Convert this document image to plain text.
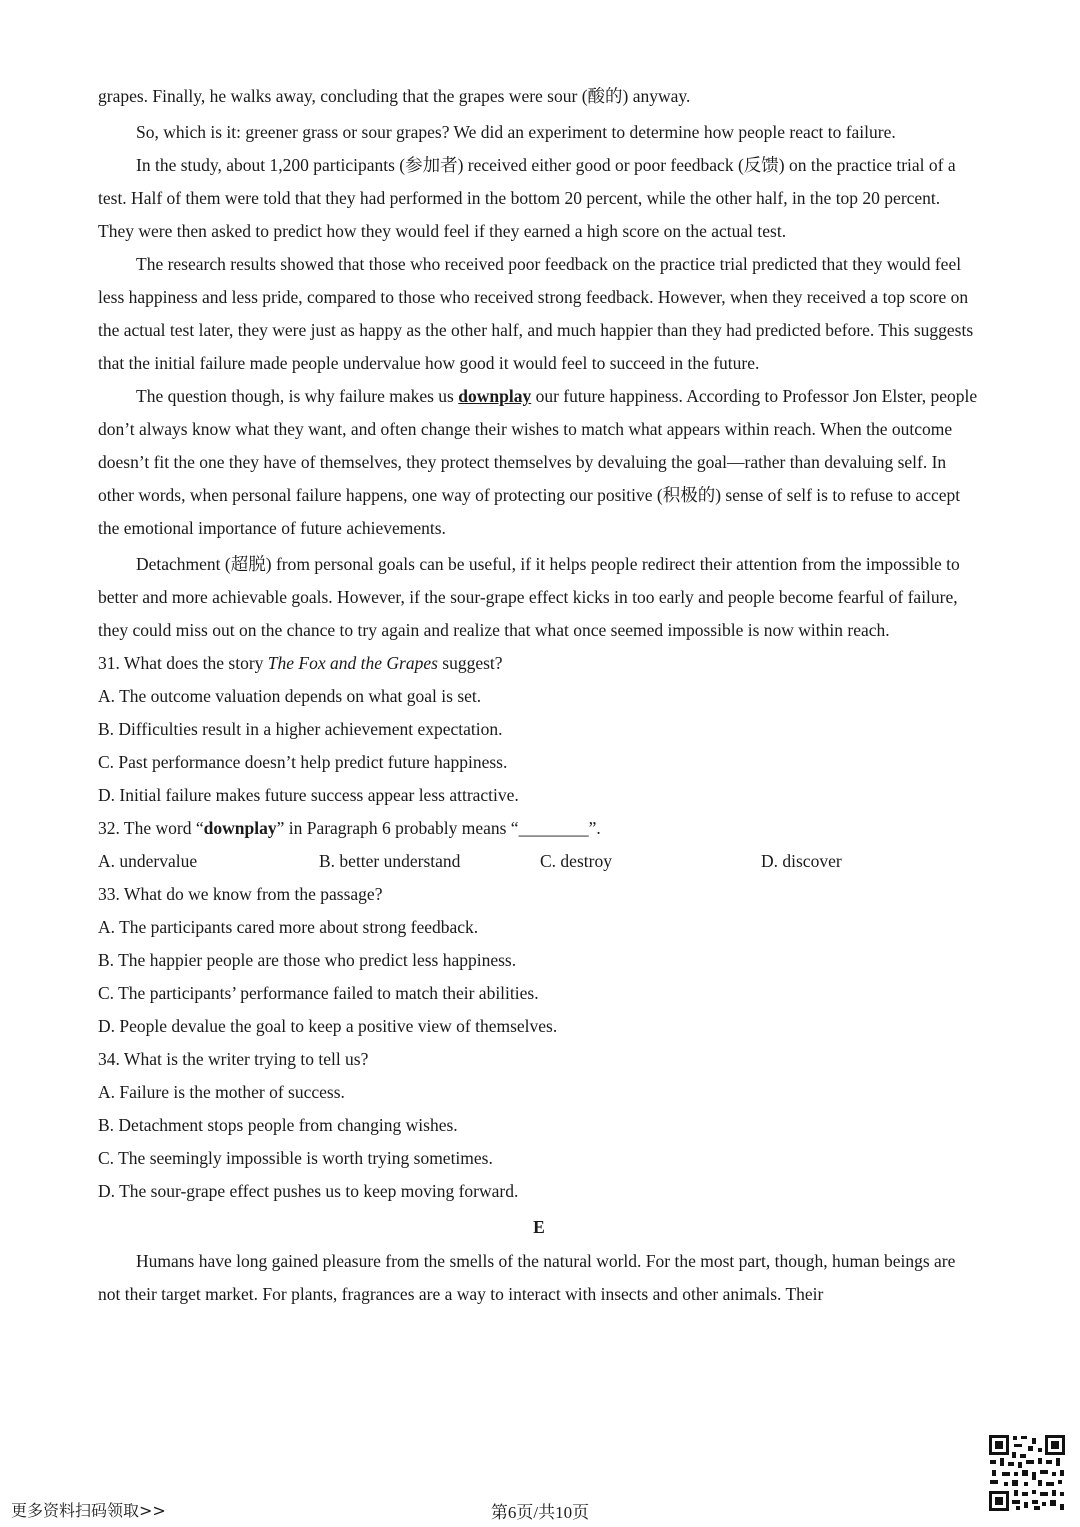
grapes. Finally, he walks away, concluding that the grapes were sour (酸的) anyway.

So, which is it: greener grass or sour grapes? We did an experiment to determine how people react to failure.

In the study, about 1,200 participants (参加者) received either good or poor feedback (反馈) on the practice trial of a test. Half of them were told that they had performed in the bottom 20 percent, while the other half, in the top 20 percent. They were then asked to predict how they would feel if they earned a high score on the actual test.

The research results showed that those who received poor feedback on the practice trial predicted that they would feel less happiness and less pride, compared to those who received strong feedback. However, when they received a top score on the actual test later, they were just as happy as the other half, and much happier than they had predicted before. This suggests that the initial failure made people undervalue how good it would feel to succeed in the future.

The question though, is why failure makes us downplay our future happiness. According to Professor Jon Elster, people don’t always know what they want, and often change their wishes to match what appears within reach. When the outcome doesn’t fit the one they have of themselves, they protect themselves by devaluing the goal—rather than devaluing self. In other words, when personal failure happens, one way of protecting our positive (积极的) sense of self is to refuse to accept the emotional importance of future achievements.

Detachment (超脱) from personal goals can be useful, if it helps people redirect their attention from the impossible to better and more achievable goals. However, if the sour-grape effect kicks in too early and people become fearful of failure, they could miss out on the chance to try again and realize that what once seemed impossible is now within reach.

31. What does the story The Fox and the Grapes suggest?

A. The outcome valuation depends on what goal is set.

B. Difficulties result in a higher achievement expectation.

C. Past performance doesn’t help predict future happiness.

D. Initial failure makes future success appear less attractive.

32. The word “downplay” in Paragraph 6 probably means “________”.

A. undervalue	B. better understand	C. destroy	D. discover

33. What do we know from the passage?

A. The participants cared more about strong feedback.

B. The happier people are those who predict less happiness.

C. The participants’ performance failed to match their abilities.

D. People devalue the goal to keep a positive view of themselves.

34. What is the writer trying to tell us?

A. Failure is the mother of success.

B. Detachment stops people from changing wishes.

C. The seemingly impossible is worth trying sometimes.

D. The sour-grape effect pushes us to keep moving forward.

E

Humans have long gained pleasure from the smells of the natural world. For the most part, though, human beings are not their target market. For plants, fragrances are a way to interact with insects and other animals. Their

更多资料扫码领取>>	第6页/共10页
